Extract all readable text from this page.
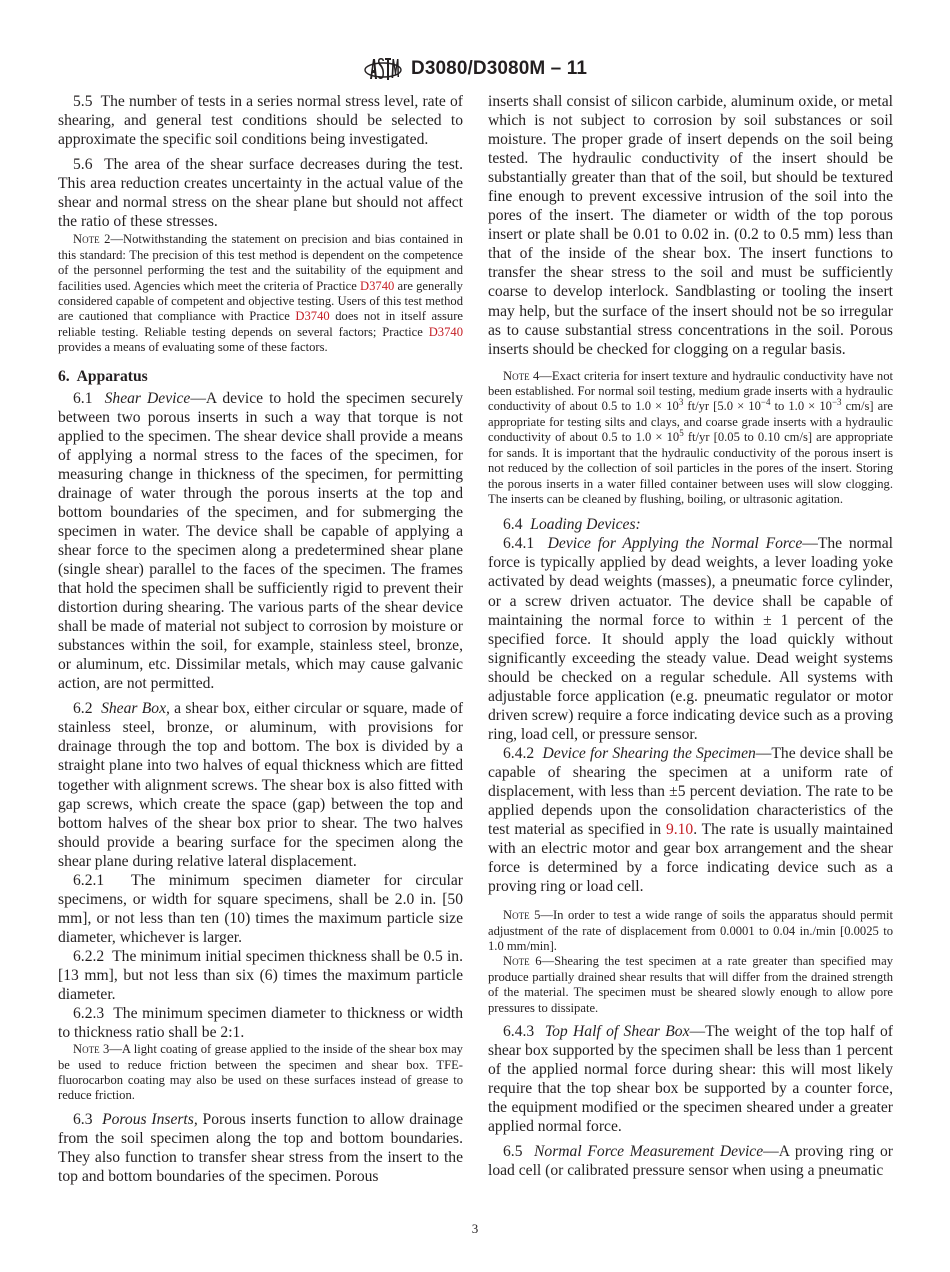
D3080/D3080M – 11

5.5 The number of tests in a series normal stress level, rate of shearing, and general test conditions should be selected to approximate the specific soil conditions being investigated.

5.6 The area of the shear surface decreases during the test. This area reduction creates uncertainty in the actual value of the shear and normal stress on the shear plane but should not affect the ratio of these stresses.

Note 2—Notwithstanding the statement on precision and bias contained in this standard: The precision of this test method is dependent on the competence of the personnel performing the test and the suitability of the equipment and facilities used. Agencies which meet the criteria of Practice D3740 are generally considered capable of competent and objective testing. Users of this test method are cautioned that compliance with Practice D3740 does not in itself assure reliable testing. Reliable testing depends on several factors; Practice D3740 provides a means of evaluating some of these factors.

6. Apparatus

6.1 Shear Device—A device to hold the specimen securely between two porous inserts in such a way that torque is not applied to the specimen. The shear device shall provide a means of applying a normal stress to the faces of the specimen, for measuring change in thickness of the specimen, for permitting drainage of water through the porous inserts at the top and bottom boundaries of the specimen, and for submerging the specimen in water. The device shall be capable of applying a shear force to the specimen along a predetermined shear plane (single shear) parallel to the faces of the specimen. The frames that hold the specimen shall be sufficiently rigid to prevent their distortion during shearing. The various parts of the shear device shall be made of material not subject to corrosion by moisture or substances within the soil, for example, stainless steel, bronze, or aluminum, etc. Dissimilar metals, which may cause galvanic action, are not permitted.

6.2 Shear Box, a shear box, either circular or square, made of stainless steel, bronze, or aluminum, with provisions for drainage through the top and bottom. The box is divided by a straight plane into two halves of equal thickness which are fitted together with alignment screws. The shear box is also fitted with gap screws, which create the space (gap) between the top and bottom halves of the shear box prior to shear. The two halves should provide a bearing surface for the specimen along the shear plane during relative lateral displacement.

6.2.1 The minimum specimen diameter for circular specimens, or width for square specimens, shall be 2.0 in. [50 mm], or not less than ten (10) times the maximum particle size diameter, whichever is larger.

6.2.2 The minimum initial specimen thickness shall be 0.5 in. [13 mm], but not less than six (6) times the maximum particle diameter.

6.2.3 The minimum specimen diameter to thickness or width to thickness ratio shall be 2:1.

Note 3—A light coating of grease applied to the inside of the shear box may be used to reduce friction between the specimen and shear box. TFE-fluorocarbon coating may also be used on these surfaces instead of grease to reduce friction.

6.3 Porous Inserts, Porous inserts function to allow drainage from the soil specimen along the top and bottom boundaries. They also function to transfer shear stress from the insert to the top and bottom boundaries of the specimen. Porous

inserts shall consist of silicon carbide, aluminum oxide, or metal which is not subject to corrosion by soil substances or soil moisture. The proper grade of insert depends on the soil being tested. The hydraulic conductivity of the insert should be substantially greater than that of the soil, but should be textured fine enough to prevent excessive intrusion of the soil into the pores of the insert. The diameter or width of the top porous insert or plate shall be 0.01 to 0.02 in. (0.2 to 0.5 mm) less than that of the inside of the shear box. The insert functions to transfer the shear stress to the soil and must be sufficiently coarse to develop interlock. Sandblasting or tooling the insert may help, but the surface of the insert should not be so irregular as to cause substantial stress concentrations in the soil. Porous inserts should be checked for clogging on a regular basis.

Note 4—Exact criteria for insert texture and hydraulic conductivity have not been established. For normal soil testing, medium grade inserts with a hydraulic conductivity of about 0.5 to $1.0 \times 10^3$ ft/yr [$5.0 \times 10^{-4}$ to $1.0 \times 10^{-3}$ cm/s] are appropriate for testing silts and clays, and coarse grade inserts with a hydraulic conductivity of about 0.5 to $1.0 \times 10^5$ ft/yr [0.05 to 0.10 cm/s] are appropriate for sands. It is important that the hydraulic conductivity of the porous insert is not reduced by the collection of soil particles in the pores of the insert. Storing the porous inserts in a water filled container between uses will slow clogging. The inserts can be cleaned by flushing, boiling, or ultrasonic agitation.

6.4 Loading Devices:

6.4.1 Device for Applying the Normal Force—The normal force is typically applied by dead weights, a lever loading yoke activated by dead weights (masses), a pneumatic force cylinder, or a screw driven actuator. The device shall be capable of maintaining the normal force to within ± 1 percent of the specified force. It should apply the load quickly without significantly exceeding the steady value. Dead weight systems should be checked on a regular schedule. All systems with adjustable force application (e.g. pneumatic regulator or motor driven screw) require a force indicating device such as a proving ring, load cell, or pressure sensor.

6.4.2 Device for Shearing the Specimen—The device shall be capable of shearing the specimen at a uniform rate of displacement, with less than ±5 percent deviation. The rate to be applied depends upon the consolidation characteristics of the test material as specified in 9.10. The rate is usually maintained with an electric motor and gear box arrangement and the shear force is determined by a force indicating device such as a proving ring or load cell.

Note 5—In order to test a wide range of soils the apparatus should permit adjustment of the rate of displacement from 0.0001 to 0.04 in./min [0.0025 to 1.0 mm/min].

Note 6—Shearing the test specimen at a rate greater than specified may produce partially drained shear results that will differ from the drained strength of the material. The specimen must be sheared slowly enough to allow pore pressures to dissipate.

6.4.3 Top Half of Shear Box—The weight of the top half of shear box supported by the specimen shall be less than 1 percent of the applied normal force during shear: this will most likely require that the top shear box be supported by a counter force, the equipment modified or the specimen sheared under a greater applied normal force.

6.5 Normal Force Measurement Device—A proving ring or load cell (or calibrated pressure sensor when using a pneumatic

3
